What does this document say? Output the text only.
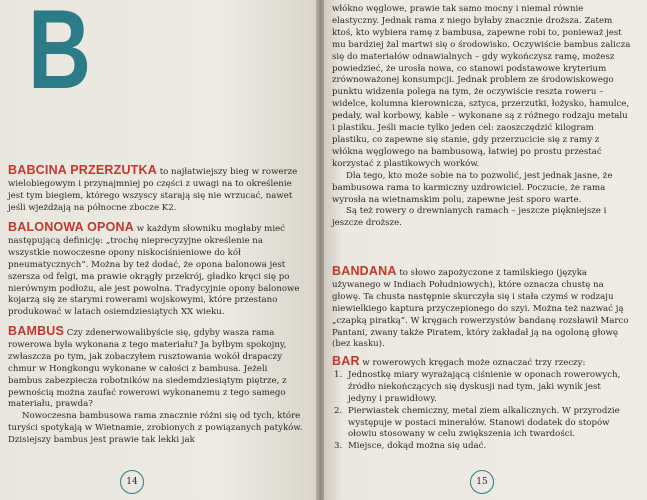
B

BABCINA PRZERZUTKA to najłatwiejszy bieg w rowerze wielobiegowym i przynajmniej po części z uwagi na to określenie jest tym biegiem, którego wszyscy starają się nie wrzucać, nawet jeśli wjeżdżają na północne zbocze K2.

BALONOWA OPONA w każdym słowniku mogłaby mieć następującą definicję: „trochę nieprecyzyjne określenie na wszystkie nowoczesne opony niskociśnieniowe do kół pneumatycznych”. Można by też dodać, że opona balonowa jest szersza od felgi, ma prawie okrągły przekrój, gładko kręci się po nierównym podłożu, ale jest powolna. Tradycyjnie opony balonowe kojarzą się ze starymi rowerami wojskowymi, które przestano produkować w latach osiemdziesiątych XX wieku.

BAMBUS Czy zdenerwowalibyście się, gdyby wasza rama rowerowa była wykonana z tego materiału? Ja byłbym spokojny, zwłaszcza po tym, jak zobaczyłem rusztowania wokół drapaczy chmur w Hongkongu wykonane w całości z bambusa. Jeżeli bambus zabezpiecza robotników na siedemdziesiątym piętrze, z pewnością można zaufać rowerowi wykonanemu z tego samego materiału, prawda?

Nowoczesna bambusowa rama znacznie różni się od tych, które turyści spotykają w Wietnamie, zrobionych z powiązanych patyków. Dzisiejszy bambus jest prawie tak lekki jak

14

włókno węglowe, prawie tak samo mocny i niemal równie elastyczny. Jednak rama z niego byłaby znacznie droższa. Zatem ktoś, kto wybiera ramę z bambusa, zapewne robi to, ponieważ jest mu bardziej żal martwi się o środowisko. Oczywiście bambus zalicza się do materiałów odnawialnych – gdy wykończysz ramę, możesz powiedzieć, że urosła nowa, co stanowi podstawowe kryterium zrównoważonej konsumpcji. Jednak problem ze środowiskowego punktu widzenia polega na tym, że oczywiście reszta roweru – widelce, kolumna kierownicza, sztyca, przerzutki, łożysko, hamulce, pedały, wał korbowy, kable – wykonane są z różnego rodzaju metalu i plastiku. Jeśli macie tylko jeden cel: zaoszczędzić kilogram plastiku, co zapewne się stanie, gdy przerzucicie się z ramy z włókna węglowego na bambusową, łatwiej po prostu przestać korzystać z plastikowych worków.

Dla tego, kto może sobie na to pozwolić, jest jednak jasne, że bambusowa rama to karmiczny uzdrowiciel. Poczucie, że rama wyrosła na wietnamskim polu, zapewne jest sporo warte.

Są też rowery o drewnianych ramach – jeszcze piękniejsze i jeszcze droższe.

BANDANA to słowo zapożyczone z tamilskiego (języka używanego w Indiach Południowych), które oznacza chustę na głowę. Ta chusta następnie skurczyła się i stała czymś w rodzaju niewielkiego kaptura przyczepionego do szyi. Można też nazwać ją „czapką piratką”. W kręgach rowerzystów bandanę rozsławił Marco Pantani, zwany także Piratem, który zakładał ją na ogoloną głowę (bez kasku).

BAR w rowerowych kręgach może oznaczać trzy rzeczy:

1. Jednostkę miary wyrażającą ciśnienie w oponach rowerowych, źródło niekończących się dyskusji nad tym, jaki wynik jest jedyny i prawidłowy.
2. Pierwiastek chemiczny, metal ziem alkalicznych. W przyrodzie występuje w postaci minerałów. Stanowi dodatek do stopów ołowiu stosowany w celu zwiększenia ich twardości.
3. Miejsce, dokąd można się udać.
15
